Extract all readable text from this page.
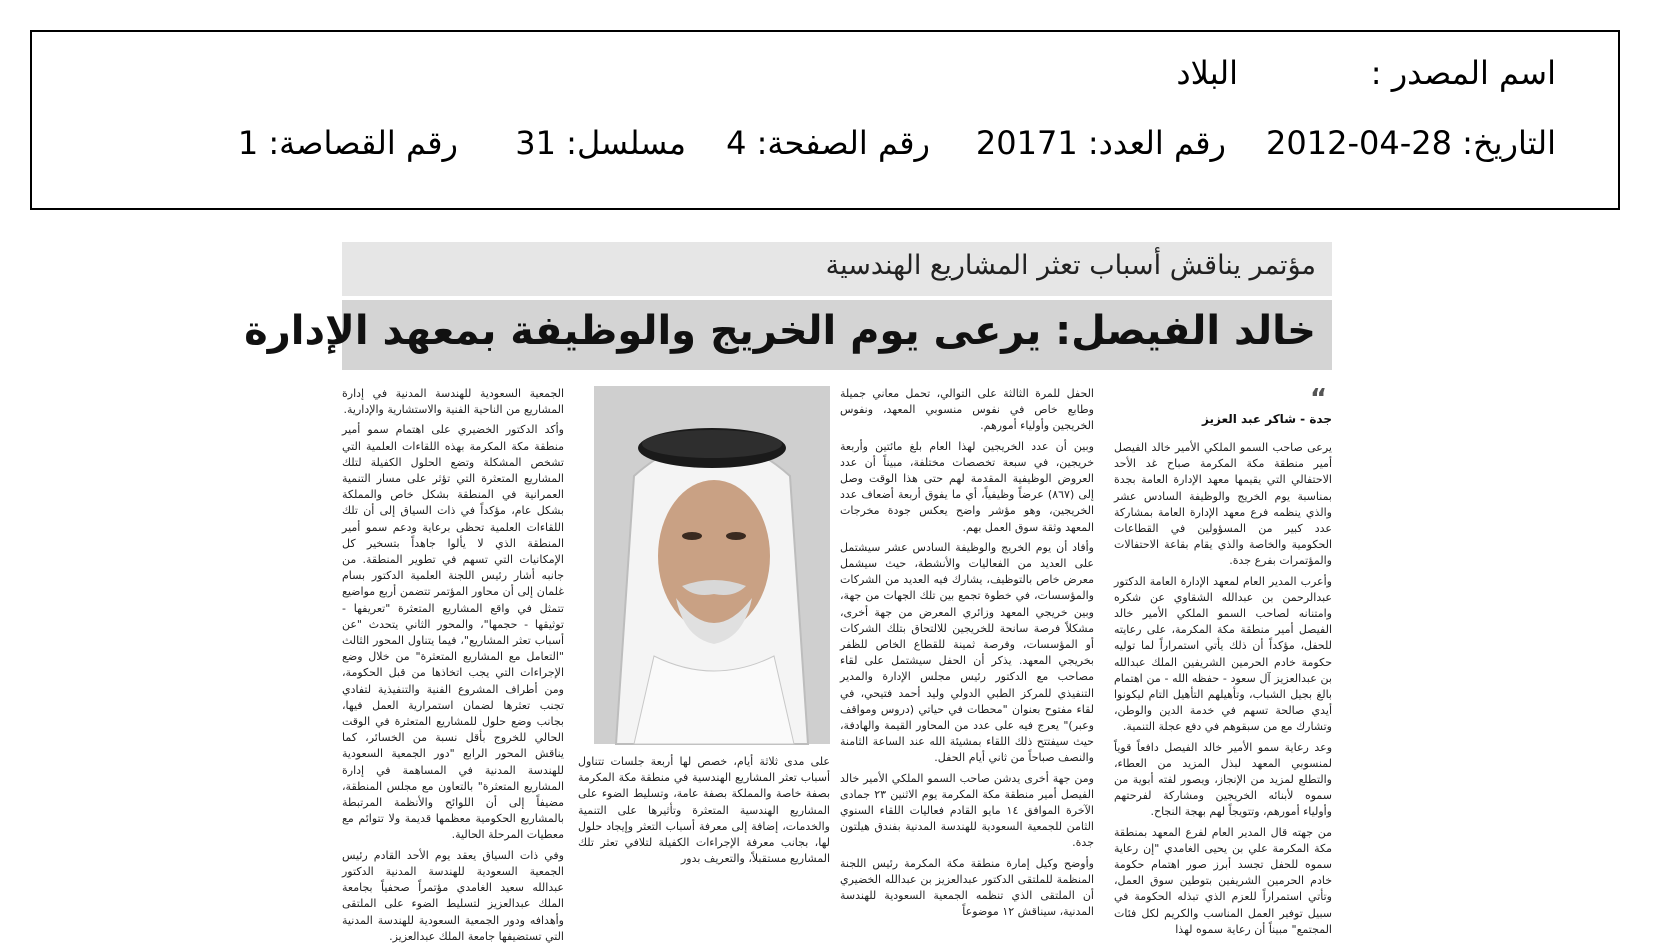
اسم المصدر :
البلاد
التاريخ: 28-04-2012
رقم العدد: 20171
رقم الصفحة: 4
مسلسل: 31
رقم القصاصة: 1
مؤتمر يناقش أسباب تعثر المشاريع الهندسية
خالد الفيصل: يرعى يوم الخريج والوظيفة بمعهد الإدارة
“
جدة - شاكر عبد العزيز

يرعى صاحب السمو الملكي الأمير خالد الفيصل أمير منطقة مكة المكرمة صباح غد الأحد الاحتفالي التي يقيمها معهد الإدارة العامة بجدة بمناسبة يوم الخريج والوظيفة السادس عشر والذي ينظمه فرع معهد الإدارة العامة بمشاركة عدد كبير من المسؤولين في القطاعات الحكومية والخاصة والذي يقام بقاعة الاحتفالات والمؤتمرات بفرع جدة.

وأعرب المدير العام لمعهد الإدارة العامة الدكتور عبدالرحمن بن عبدالله الشقاوي عن شكره وامتنانه لصاحب السمو الملكي الأمير خالد الفيصل أمير منطقة مكة المكرمة، على رعايته للحفل، مؤكداً أن ذلك يأتي استمراراً لما توليه حكومة خادم الحرمين الشريفين الملك عبدالله بن عبدالعزيز آل سعود - حفظه الله - من اهتمام بالغ بجيل الشباب، وتأهيلهم التأهيل التام ليكونوا أيدي صالحة تسهم في خدمة الدين والوطن، وتشارك مع من سبقوهم في دفع عجلة التنمية.

وعد رعاية سمو الأمير خالد الفيصل دافعاً قوياً لمنسوبي المعهد لبذل المزيد من العطاء، والتطلع لمزيد من الإنجاز، ويصور لفته أبوية من سموه لأبنائه الخريجين ومشاركة لفرحتهم وأولياء أمورهم، وتتويجاً لهم بهجة النجاح.

من جهته قال المدير العام لفرع المعهد بمنطقة مكة المكرمة علي بن يحيى الغامدي "إن رعاية سموه للحفل تجسد أبرز صور اهتمام حكومة خادم الحرمين الشريفين بتوطين سوق العمل، وتأتي استمراراً للعزم الذي تبذله الحكومة في سبيل توفير العمل المناسب والكريم لكل فئات المجتمع" مبيناً أن رعاية سموه لهذا

الحفل للمرة الثالثة على التوالي، تحمل معاني جميلة وطابع خاص في نفوس منسوبي المعهد، ونفوس الخريجين وأولياء أمورهم.

وبين أن عدد الخريجين لهذا العام بلغ مائتين وأربعة خريجين، في سبعة تخصصات مختلفة، مبيناً أن عدد العروض الوظيفية المقدمة لهم حتى هذا الوقت وصل إلى (٨٦٧) عرضاً وظيفياً، أي ما يفوق أربعة أضعاف عدد الخريجين، وهو مؤشر واضح يعكس جودة مخرجات المعهد وثقة سوق العمل بهم.

وأفاد أن يوم الخريج والوظيفة السادس عشر سيشتمل على العديد من الفعاليات والأنشطة، حيث سيشمل معرض خاص بالتوظيف، يشارك فيه العديد من الشركات والمؤسسات، في خطوة تجمع بين تلك الجهات من جهة، وبين خريجي المعهد وزائري المعرض من جهة أخرى، مشكلاً فرصة سانحة للخريجين للالتحاق بتلك الشركات أو المؤسسات، وفرصة ثمينة للقطاع الخاص للظفر بخريجي المعهد. يذكر أن الحفل سيشتمل على لقاء مصاحب مع الدكتور رئيس مجلس الإدارة والمدير التنفيذي للمركز الطبي الدولي وليد أحمد فتيحي، في لقاء مفتوح بعنوان "محطات في حياتي (دروس ومواقف وعبر)" يعرج فيه على عدد من المحاور القيمة والهادفة، حيث سيفتتح ذلك اللقاء بمشيئة الله عند الساعة الثامنة والنصف صباحاً من ثاني أيام الحفل.

ومن جهة أخرى يدشن صاحب السمو الملكي الأمير خالد الفيصل أمير منطقة مكة المكرمة يوم الاثنين ٢٣ جمادى الآخرة الموافق ١٤ مايو القادم فعاليات اللقاء السنوي الثامن للجمعية السعودية للهندسة المدنية بفندق هيلتون جدة.

وأوضح وكيل إمارة منطقة مكة المكرمة رئيس اللجنة المنظمة للملتقى الدكتور عبدالعزيز بن عبدالله الخضيري أن الملتقى الذي تنظمه الجمعية السعودية للهندسة المدنية، سيناقش ١٢ موضوعاً

على مدى ثلاثة أيام، خصص لها أربعة جلسات تتناول أسباب تعثر المشاريع الهندسية في منطقة مكة المكرمة بصفة خاصة والمملكة بصفة عامة، وتسليط الضوء على المشاريع الهندسية المتعثرة وتأثيرها على التنمية والخدمات، إضافة إلى معرفة أسباب التعثر وإيجاد حلول لها، بجانب معرفة الإجراءات الكفيلة لتلافي تعثر تلك المشاريع مستقبلاً، والتعريف بدور

الجمعية السعودية للهندسة المدنية في إدارة المشاريع من الناحية الفنية والاستشارية والإدارية.

وأكد الدكتور الخضيري على اهتمام سمو أمير منطقة مكة المكرمة بهذه اللقاءات العلمية التي تشخص المشكلة وتضع الحلول الكفيلة لتلك المشاريع المتعثرة التي تؤثر على مسار التنمية العمرانية في المنطقة بشكل خاص والمملكة بشكل عام، مؤكداً في ذات السياق إلى أن تلك اللقاءات العلمية تحظى برعاية ودعم سمو أمير المنطقة الذي لا يألوا جاهداً بتسخير كل الإمكانيات التي تسهم في تطوير المنطقة. من جانبه أشار رئيس اللجنة العلمية الدكتور بسام غلمان إلى أن محاور المؤتمر تتضمن أربع مواضيع تتمثل في واقع المشاريع المتعثرة "تعريفها - توثيقها - حجمها"، والمحور الثاني يتحدث "عن أسباب تعثر المشاريع"، فيما يتناول المحور الثالث "التعامل مع المشاريع المتعثرة" من خلال وضع الإجراءات التي يجب اتخاذها من قبل الحكومة، ومن أطراف المشروع الفنية والتنفيذية لتفادي تجنب تعثرها لضمان استمرارية العمل فيها، بجانب وضع حلول للمشاريع المتعثرة في الوقت الحالي للخروج بأقل نسبة من الخسائر، كما يناقش المحور الرابع "دور الجمعية السعودية للهندسة المدنية في المساهمة في إدارة المشاريع المتعثرة" بالتعاون مع مجلس المنطقة، مضيفاً إلى أن اللوائح والأنظمة المرتبطة بالمشاريع الحكومية معظمها قديمة ولا تتوائم مع معطيات المرحلة الحالية.

وفي ذات السياق يعقد يوم الأحد القادم رئيس الجمعية السعودية للهندسة المدنية الدكتور عبدالله سعيد الغامدي مؤتمراً صحفياً بجامعة الملك عبدالعزيز لتسليط الضوء على الملتقى وأهدافه ودور الجمعية السعودية للهندسة المدنية التي تستضيفها جامعة الملك عبدالعزيز.
